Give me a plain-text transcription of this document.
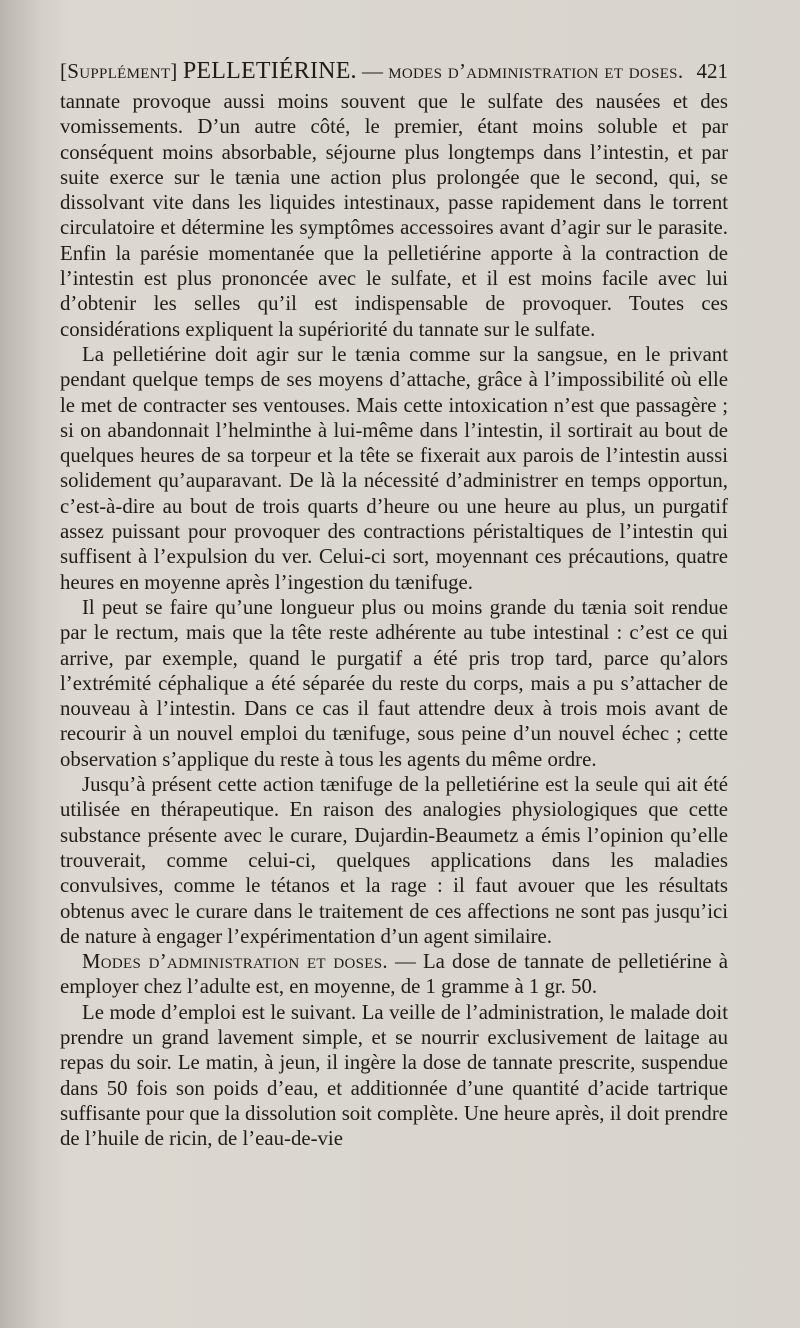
[Supplément] PELLETIÉRINE. — modes d’administration et doses. 421

tannate provoque aussi moins souvent que le sulfate des nausées et des vomissements. D’un autre côté, le premier, étant moins soluble et par conséquent moins absorbable, séjourne plus longtemps dans l’intestin, et par suite exerce sur le tænia une action plus prolongée que le second, qui, se dissolvant vite dans les liquides intestinaux, passe rapidement dans le torrent circulatoire et détermine les symptômes accessoires avant d’agir sur le parasite. Enfin la parésie momentanée que la pelletiérine apporte à la contraction de l’intestin est plus prononcée avec le sulfate, et il est moins facile avec lui d’obtenir les selles qu’il est indispensable de provoquer. Toutes ces considérations expliquent la supériorité du tannate sur le sulfate.

La pelletiérine doit agir sur le tænia comme sur la sangsue, en le privant pendant quelque temps de ses moyens d’attache, grâce à l’impossibilité où elle le met de contracter ses ventouses. Mais cette intoxication n’est que passagère ; si on abandonnait l’helminthe à lui-même dans l’intestin, il sortirait au bout de quelques heures de sa torpeur et la tête se fixerait aux parois de l’intestin aussi solidement qu’auparavant. De là la nécessité d’administrer en temps opportun, c’est-à-dire au bout de trois quarts d’heure ou une heure au plus, un purgatif assez puissant pour provoquer des contractions péristaltiques de l’intestin qui suffisent à l’expulsion du ver. Celui-ci sort, moyennant ces précautions, quatre heures en moyenne après l’ingestion du tænifuge.

Il peut se faire qu’une longueur plus ou moins grande du tænia soit rendue par le rectum, mais que la tête reste adhérente au tube intestinal : c’est ce qui arrive, par exemple, quand le purgatif a été pris trop tard, parce qu’alors l’extrémité céphalique a été séparée du reste du corps, mais a pu s’attacher de nouveau à l’intestin. Dans ce cas il faut attendre deux à trois mois avant de recourir à un nouvel emploi du tænifuge, sous peine d’un nouvel échec ; cette observation s’applique du reste à tous les agents du même ordre.

Jusqu’à présent cette action tænifuge de la pelletiérine est la seule qui ait été utilisée en thérapeutique. En raison des analogies physiologiques que cette substance présente avec le curare, Dujardin-Beaumetz a émis l’opinion qu’elle trouverait, comme celui-ci, quelques applications dans les maladies convulsives, comme le tétanos et la rage : il faut avouer que les résultats obtenus avec le curare dans le traitement de ces affections ne sont pas jusqu’ici de nature à engager l’expérimentation d’un agent similaire.

Modes d’administration et doses. — La dose de tannate de pelletiérine à employer chez l’adulte est, en moyenne, de 1 gramme à 1 gr. 50.

Le mode d’emploi est le suivant. La veille de l’administration, le malade doit prendre un grand lavement simple, et se nourrir exclusivement de laitage au repas du soir. Le matin, à jeun, il ingère la dose de tannate prescrite, suspendue dans 50 fois son poids d’eau, et additionnée d’une quantité d’acide tartrique suffisante pour que la dissolution soit complète. Une heure après, il doit prendre de l’huile de ricin, de l’eau-de-vie
